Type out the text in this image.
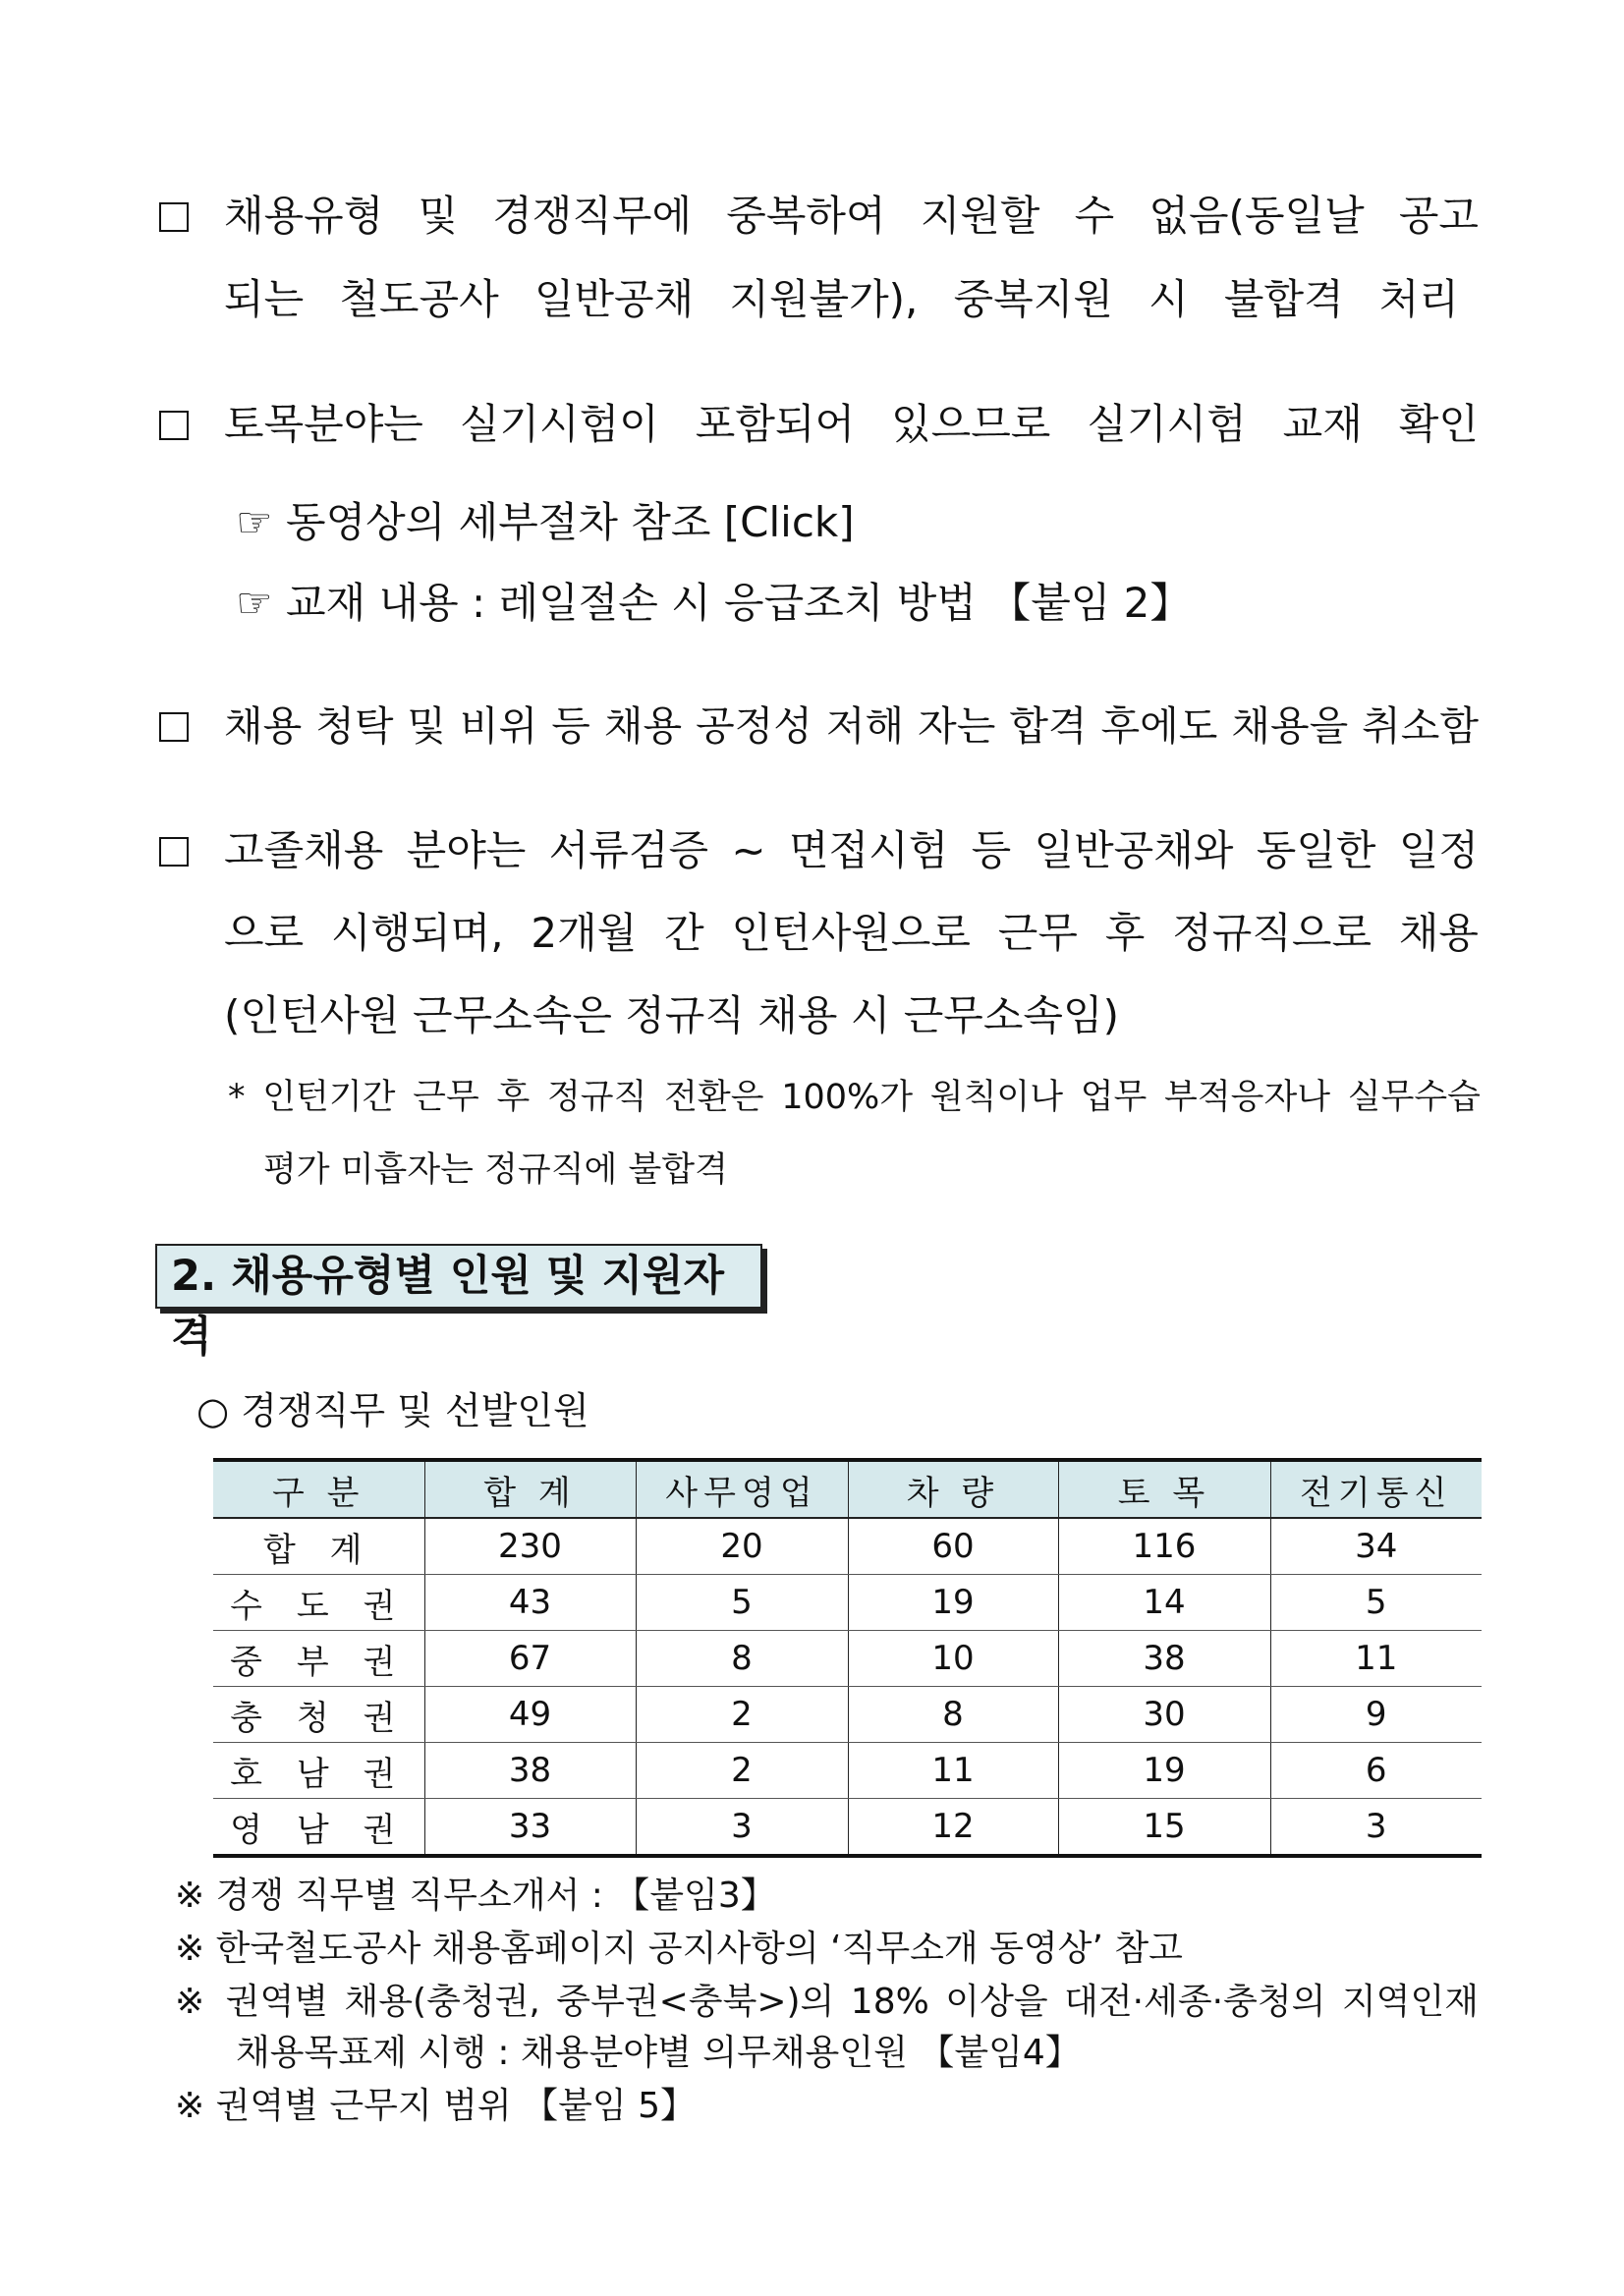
채용유형 및 경쟁직무에 중복하여 지원할 수 없음(동일날 공고
되는 철도공사 일반공채 지원불가), 중복지원 시 불합격 처리
토목분야는 실기시험이 포함되어 있으므로 실기시험 교재 확인
☞ 동영상의 세부절차 참조 [Click]
☞ 교재 내용 : 레일절손 시 응급조치 방법 【붙임 2】
채용 청탁 및 비위 등 채용 공정성 저해 자는 합격 후에도 채용을 취소함
고졸채용 분야는 서류검증 ~ 면접시험 등 일반공채와 동일한 일정
으로 시행되며, 2개월 간 인턴사원으로 근무 후 정규직으로 채용
(인턴사원 근무소속은 정규직 채용 시 근무소속임)
* 인턴기간 근무 후 정규직 전환은 100%가 원칙이나 업무 부적응자나 실무수습
평가 미흡자는 정규직에 불합격
2. 채용유형별 인원 및 지원자격
○ 경쟁직무 및 선발인원
구 분	합 계	사무영업	차 량	토 목	전기통신
합 계	230	20	60	116	34
수 도 권	43	5	19	14	5
중 부 권	67	8	10	38	11
충 청 권	49	2	8	30	9
호 남 권	38	2	11	19	6
영 남 권	33	3	12	15	3
※ 경쟁 직무별 직무소개서 : 【붙임3】
※ 한국철도공사 채용홈페이지 공지사항의 ‘직무소개 동영상’ 참고
※ 권역별 채용(충청권, 중부권<충북>)의 18% 이상을 대전·세종·충청의 지역인재
채용목표제 시행 : 채용분야별 의무채용인원 【붙임4】
※ 권역별 근무지 범위 【붙임 5】
